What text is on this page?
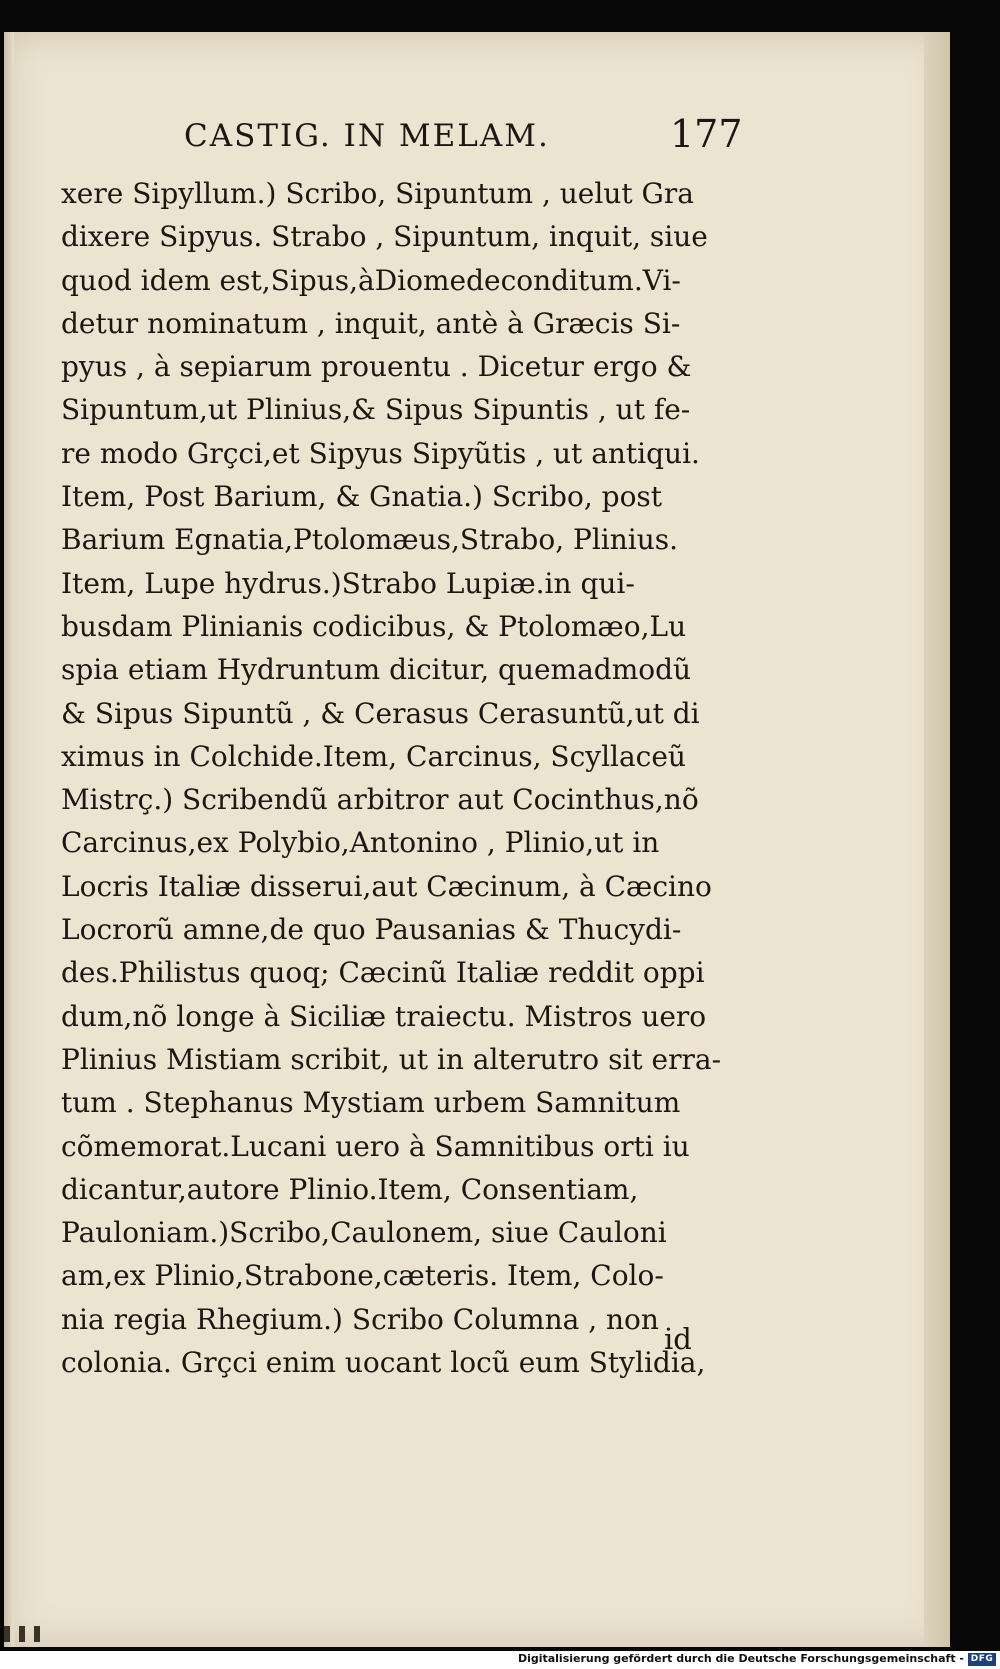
CASTIG. IN MELAM.	177
xere Sipyllum.) Scribo, Sipuntum , uelut Gra
dixere Sipyus. Strabo , Sipuntum, inquit, siue
quod idem est,Sipus,àDiomedeconditum.Vi-
detur nominatum , inquit, antè à Græcis Si-
pyus , à sepiarum prouentu . Dicetur ergo &
Sipuntum,ut Plinius,& Sipus Sipuntis , ut fe-
re modo Grçci,et Sipyus Sipyũtis , ut antiqui.
Item, Post Barium, & Gnatia.) Scribo, post
Barium Egnatia,Ptolomæus,Strabo, Plinius.
Item, Lupe hydrus.)Strabo Lupiæ.in qui-
busdam Plinianis codicibus, & Ptolomæo,Lu
spia etiam Hydruntum dicitur, quemadmodũ
& Sipus Sipuntũ , & Cerasus Cerasuntũ,ut di
ximus in Colchide.Item, Carcinus, Scyllaceũ
Mistrç.) Scribendũ arbitror aut Cocinthus,nõ
Carcinus,ex Polybio,Antonino , Plinio,ut in
Locris Italiæ disserui,aut Cæcinum, à Cæcino
Locrorũ amne,de quo Pausanias & Thucydi-
des.Philistus quoq; Cæcinũ Italiæ reddit oppi
dum,nõ longe à Siciliæ traiectu. Mistros uero
Plinius Mistiam scribit, ut in alterutro sit erra-
tum . Stephanus Mystiam urbem Samnitum
cõmemorat.Lucani uero à Samnitibus orti iu
dicantur,autore Plinio.Item, Consentiam,
Pauloniam.)Scribo,Caulonem, siue Cauloni
am,ex Plinio,Strabone,cæteris. Item, Colo-
nia regia Rhegium.) Scribo Columna , non
colonia. Grçci enim uocant locũ eum Stylidia,
id
Digitalisierung gefördert durch die Deutsche Forschungsgemeinschaft - DFG
